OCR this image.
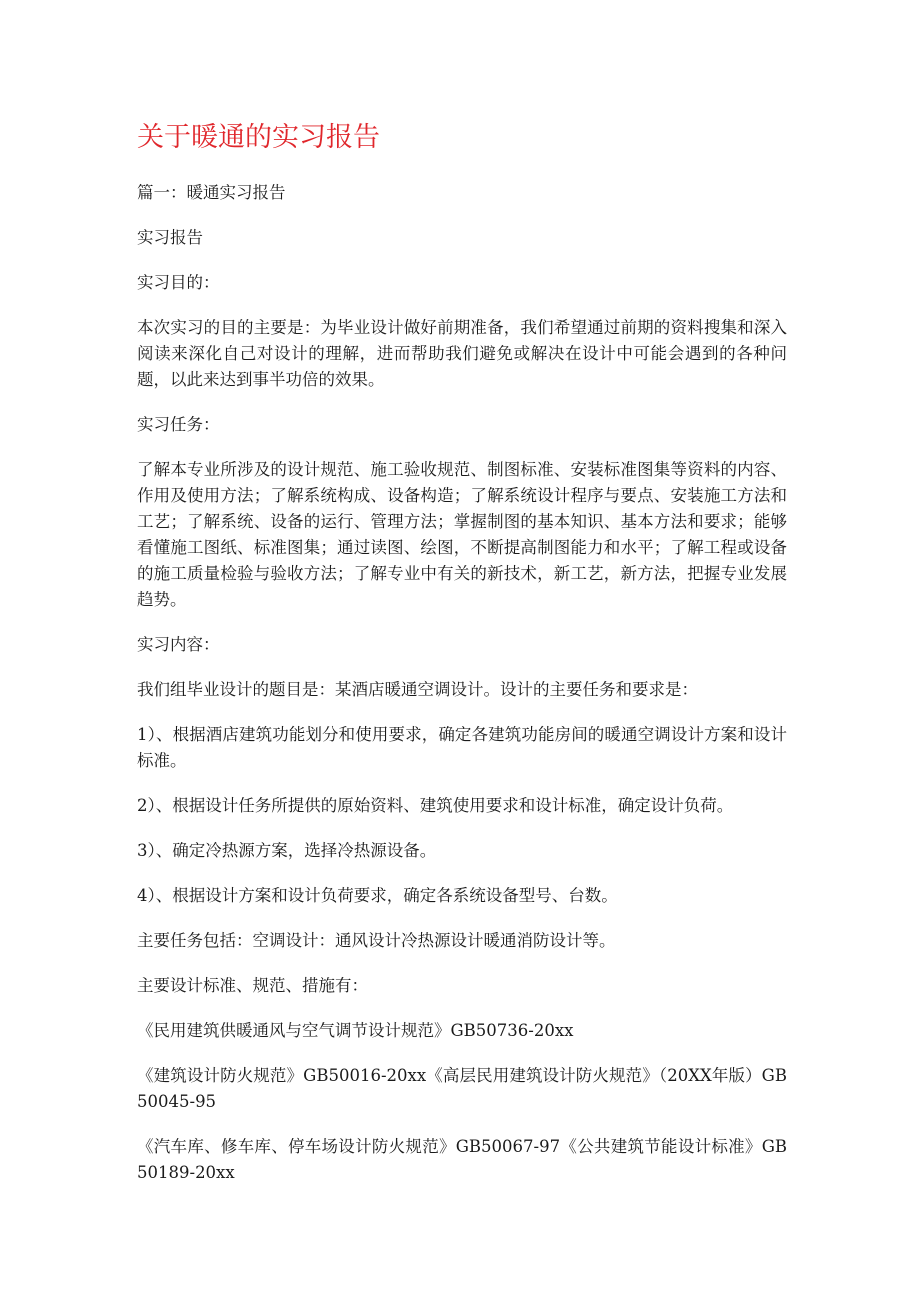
关于暖通的实习报告

篇一：暖通实习报告

实习报告

实习目的：

本次实习的目的主要是：为毕业设计做好前期准备，我们希望通过前期的资料搜集和深入阅读来深化自己对设计的理解，进而帮助我们避免或解决在设计中可能会遇到的各种问题，以此来达到事半功倍的效果。

实习任务：

了解本专业所涉及的设计规范、施工验收规范、制图标准、安装标准图集等资料的内容、作用及使用方法；了解系统构成、设备构造；了解系统设计程序与要点、安装施工方法和工艺；了解系统、设备的运行、管理方法；掌握制图的基本知识、基本方法和要求；能够看懂施工图纸、标准图集；通过读图、绘图，不断提高制图能力和水平；了解工程或设备的施工质量检验与验收方法；了解专业中有关的新技术，新工艺，新方法，把握专业发展趋势。

实习内容：

我们组毕业设计的题目是：某酒店暖通空调设计。设计的主要任务和要求是：

1）、根据酒店建筑功能划分和使用要求，确定各建筑功能房间的暖通空调设计方案和设计标准。

2）、根据设计任务所提供的原始资料、建筑使用要求和设计标准，确定设计负荷。

3）、确定冷热源方案，选择冷热源设备。

4）、根据设计方案和设计负荷要求，确定各系统设备型号、台数。

主要任务包括：空调设计：通风设计冷热源设计暖通消防设计等。

主要设计标准、规范、措施有：

《民用建筑供暖通风与空气调节设计规范》GB50736-20xx

《建筑设计防火规范》GB50016-20xx《高层民用建筑设计防火规范》（20XX年版）GB50045-95

《汽车库、修车库、停车场设计防火规范》GB50067-97《公共建筑节能设计标准》GB50189-20xx
